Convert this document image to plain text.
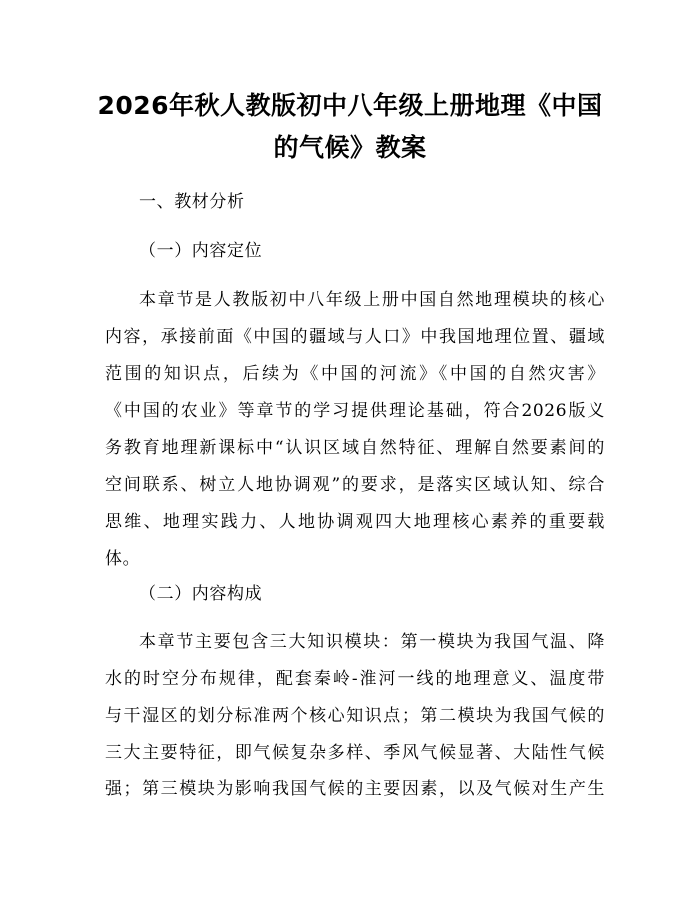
2026年秋人教版初中八年级上册地理《中国
的气候》教案
一、教材分析
（一）内容定位
本章节是人教版初中八年级上册中国自然地理模块的核心
内容，承接前面《中国的疆域与人口》中我国地理位置、疆域
范围的知识点，后续为《中国的河流》《中国的自然灾害》
《中国的农业》等章节的学习提供理论基础，符合2026版义
务教育地理新课标中“认识区域自然特征、理解自然要素间的
空间联系、树立人地协调观”的要求，是落实区域认知、综合
思维、地理实践力、人地协调观四大地理核心素养的重要载
体。
（二）内容构成
本章节主要包含三大知识模块：第一模块为我国气温、降
水的时空分布规律，配套秦岭-淮河一线的地理意义、温度带
与干湿区的划分标准两个核心知识点；第二模块为我国气候的
三大主要特征，即气候复杂多样、季风气候显著、大陆性气候
强；第三模块为影响我国气候的主要因素，以及气候对生产生
